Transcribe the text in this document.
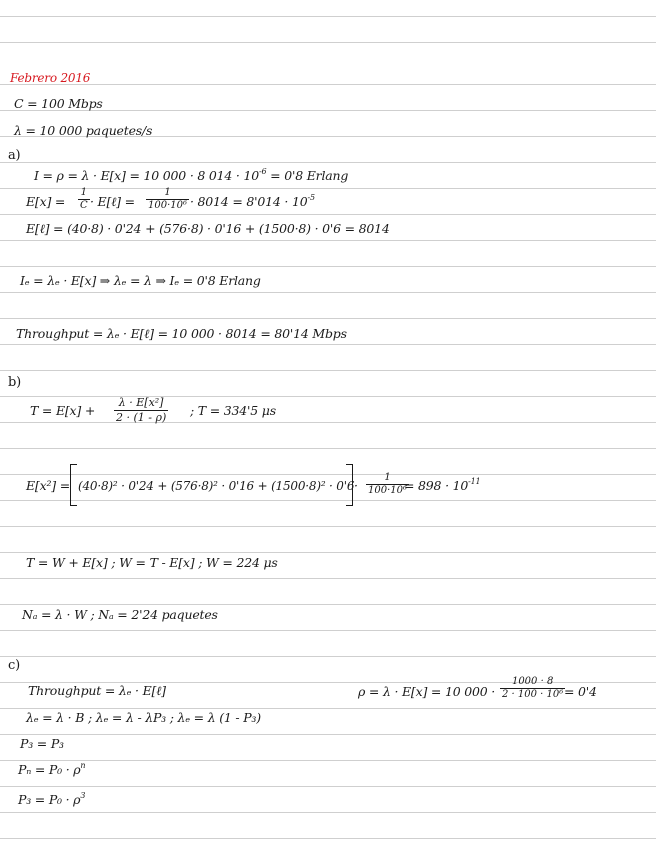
Febrero 2016
C = 100 Mbps
λ = 10 000 paquetes/s
a)
I = ρ = λ · E[x] = 10 000 · 8 $014 \cdot 10^{-6} = 0'8$ Erlang
$E[x] = \frac{1}{C}$ · E[ℓ] = $\frac{1}{\text{100·10⁶}} \cdot 8014 = 8'014 \cdot 10^{-5}$
E[ℓ] = (40·8) · 0'24 + (576·8) · 0'16 + (1500·8) · 0'6 = 8014
Iₑ = λₑ · E[x] ⇒ λₑ = λ ⇒ Iₑ = 0'8 Erlang
Throughput = λₑ · E[ℓ] = 10 000 · 8014 = 80'14 Mbps
b)
$T = E[x] + \frac{\text{λ · E[x²]}}{2 \cdot (1 - \rho)}$ ; T = 334'5 μs
$E[x^2] = (40\cdot 8)^2 \cdot 0'24 + (576\cdot 8)^2 \cdot 0'16 + (1500\cdot 8)^2 \cdot 0'6 \cdot \frac{1}{\text{100·10⁶}}$
= $898 \cdot 10^{-11}$
T = W + E[x] ; W = T - E[x] ; W = 224 μs
Nₐ = λ · W ; Nₐ = 2'24 paquetes
c)
Throughput = λₑ · E[ℓ]	ρ = λ · E[x] = 10 $000 \cdot \frac{1000 \cdot 8}{\text{2 · 100 · 10⁶}}$
= 0'4
λₑ = λ · B ; λₑ = λ - λP₃ ; λₑ = λ (1 - P₃)
P₃ = P₃
$P_n = P_0 \cdot \rho^n$
$P_3 = P_0 \cdot \rho^3$
